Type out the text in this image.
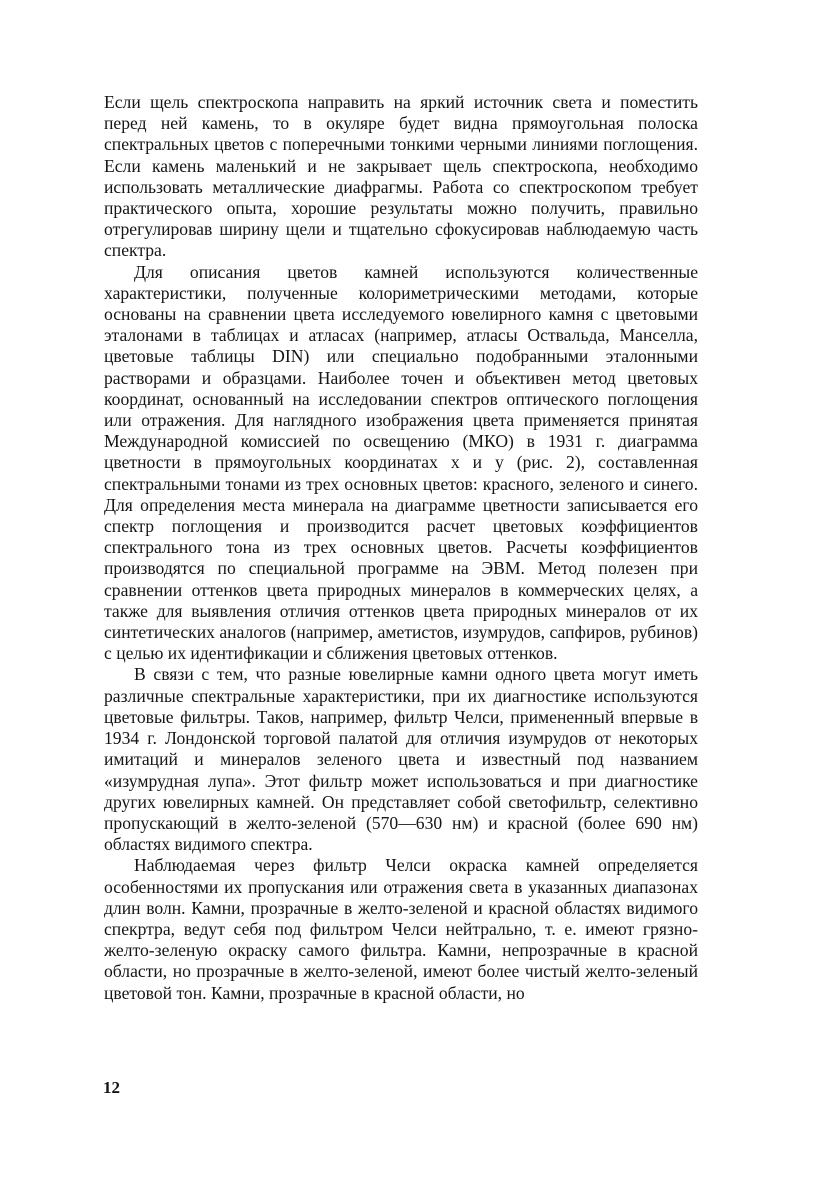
Если щель спектроскопа направить на яркий источник света и поместить перед ней камень, то в окуляре будет видна прямоугольная полоска спектральных цветов с поперечными тонкими черными линиями поглощения. Если камень маленький и не закрывает щель спектроскопа, необходимо использовать металлические диафрагмы. Работа со спектроскопом требует практического опыта, хорошие результаты можно получить, правильно отрегулировав ширину щели и тщательно сфокусировав наблюдаемую часть спектра.

Для описания цветов камней используются количественные характеристики, полученные колориметрическими методами, которые основаны на сравнении цвета исследуемого ювелирного камня с цветовыми эталонами в таблицах и атласах (например, атласы Оствальда, Манселла, цветовые таблицы DIN) или специально подобранными эталонными растворами и образцами. Наиболее точен и объективен метод цветовых координат, основанный на исследовании спектров оптического поглощения или отражения. Для наглядного изображения цвета применяется принятая Международной комиссией по освещению (МКО) в 1931 г. диаграмма цветности в прямоугольных координатах x и y (рис. 2), составленная спектральными тонами из трех основных цветов: красного, зеленого и синего. Для определения места минерала на диаграмме цветности записывается его спектр поглощения и производится расчет цветовых коэффициентов спектрального тона из трех основных цветов. Расчеты коэффициентов производятся по специальной программе на ЭВМ. Метод полезен при сравнении оттенков цвета природных минералов в коммерческих целях, а также для выявления отличия оттенков цвета природных минералов от их синтетических аналогов (например, аметистов, изумрудов, сапфиров, рубинов) с целью их идентификации и сближения цветовых оттенков.

В связи с тем, что разные ювелирные камни одного цвета могут иметь различные спектральные характеристики, при их диагностике используются цветовые фильтры. Таков, например, фильтр Челси, примененный впервые в 1934 г. Лондонской торговой палатой для отличия изумрудов от некоторых имитаций и минералов зеленого цвета и известный под названием «изумрудная лупа». Этот фильтр может использоваться и при диагностике других ювелирных камней. Он представляет собой светофильтр, селективно пропускающий в желто-зеленой (570—630 нм) и красной (более 690 нм) областях видимого спектра.

Наблюдаемая через фильтр Челси окраска камней определяется особенностями их пропускания или отражения света в указанных диапазонах длин волн. Камни, прозрачные в желто-зеленой и красной областях видимого спекртра, ведут себя под фильтром Челси нейтрально, т. е. имеют грязно-желто-зеленую окраску самого фильтра. Камни, непрозрачные в красной области, но прозрачные в желто-зеленой, имеют более чистый желто-зеленый цветовой тон. Камни, прозрачные в красной области, но

12
